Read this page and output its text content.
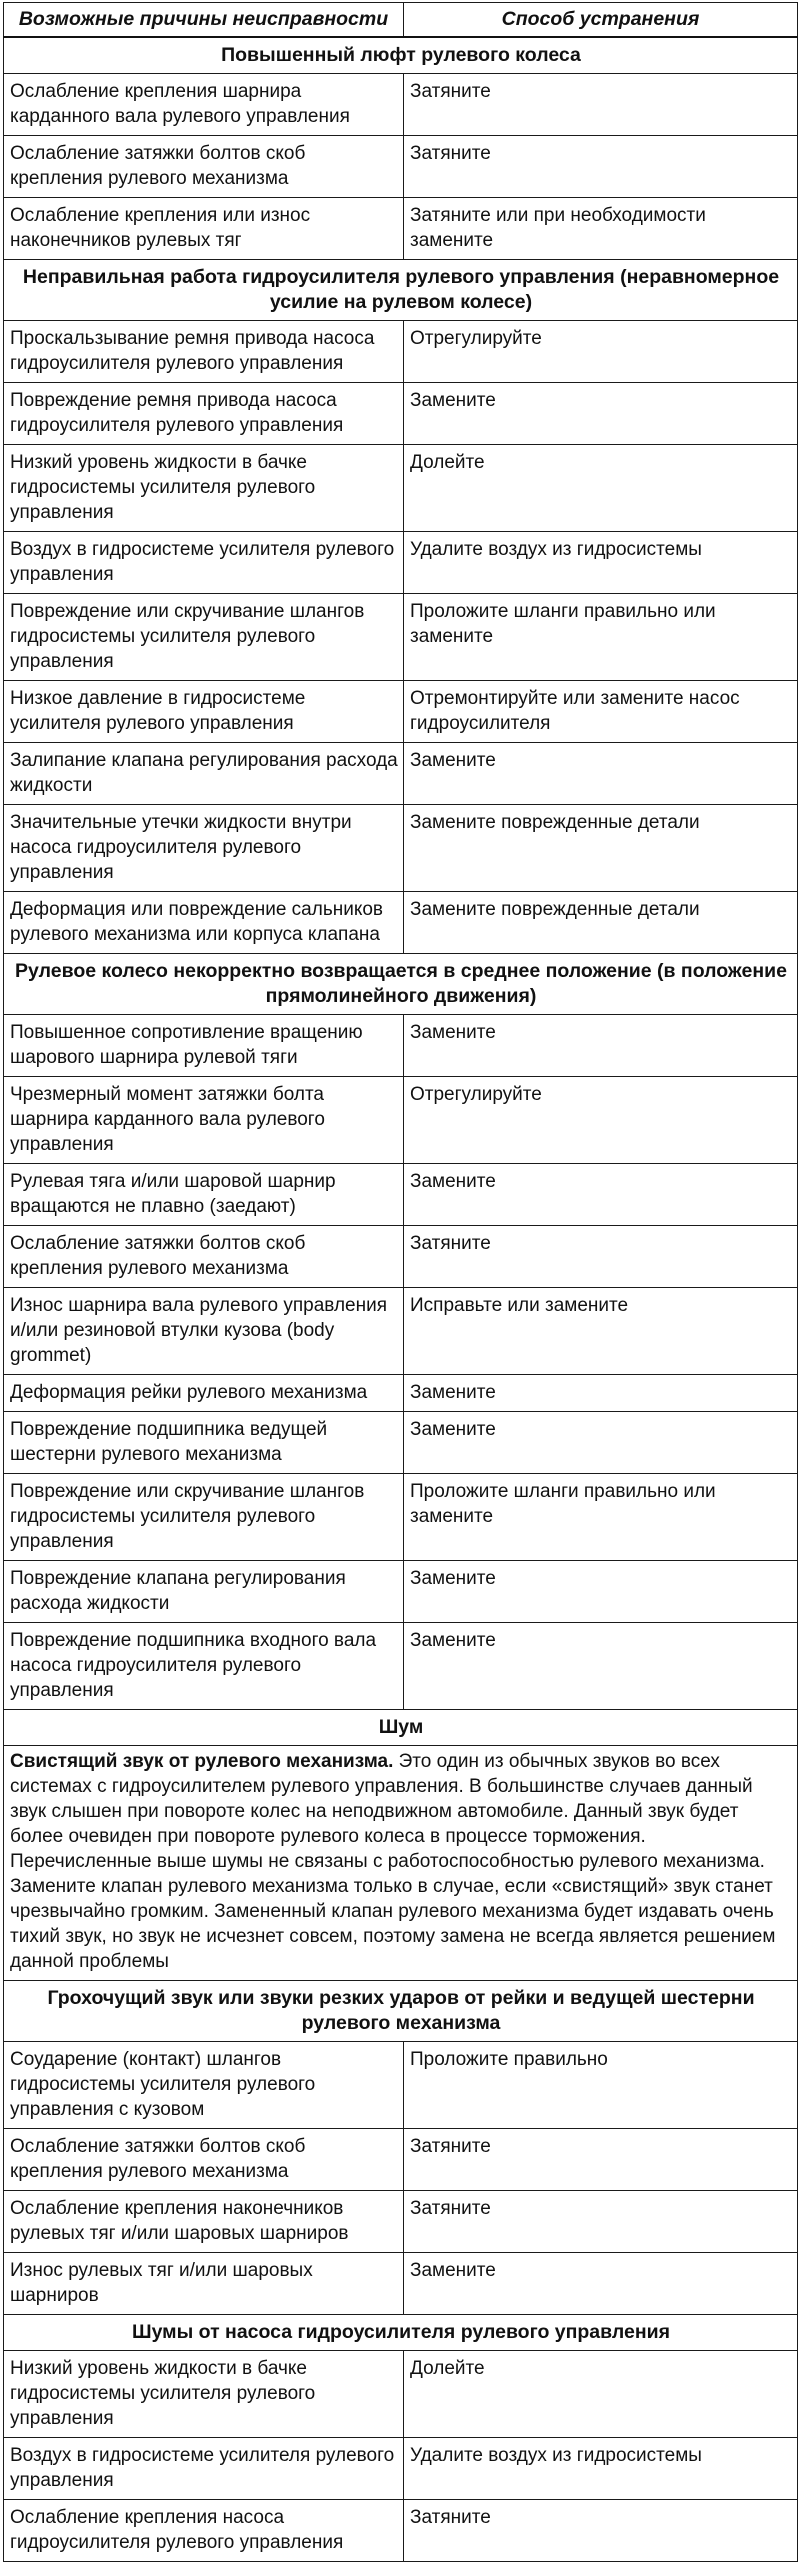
Возможные причины неисправности	Способ устранения
Повышенный люфт рулевого колеса	
Ослабление крепления шарнира карданного вала рулевого управления	Затяните
Ослабление затяжки болтов скоб крепления рулевого механизма	Затяните
Ослабление крепления или износ наконечников рулевых тяг	Затяните или при необходимости замените
Неправильная работа гидроусилителя рулевого управления (неравномерное усилие на рулевом колесе)	
Проскальзывание ремня привода насоса гидроусилителя рулевого управления	Отрегулируйте
Повреждение ремня привода насоса гидроусилителя рулевого управления	Замените
Низкий уровень жидкости в бачке гидросистемы усилителя рулевого управления	Долейте
Воздух в гидросистеме усилителя рулевого управления	Удалите воздух из гидросистемы
Повреждение или скручивание шлангов гидросистемы усилителя рулевого управления	Проложите шланги правильно или замените
Низкое давление в гидросистеме усилителя рулевого управления	Отремонтируйте или замените насос гидроусилителя
Залипание клапана регулирования расхода жидкости	Замените
Значительные утечки жидкости внутри насоса гидроусилителя рулевого управления	Замените поврежденные детали
Деформация или повреждение сальников рулевого механизма или корпуса клапана	Замените поврежденные детали
Рулевое колесо некорректно возвращается в среднее положение (в положение прямолинейного движения)	
Повышенное сопротивление вращению шарового шарнира рулевой тяги	Замените
Чрезмерный момент затяжки болта шарнира карданного вала рулевого управления	Отрегулируйте
Рулевая тяга и/или шаровой шарнир вращаются не плавно (заедают)	Замените
Ослабление затяжки болтов скоб крепления рулевого механизма	Затяните
Износ шарнира вала рулевого управления и/или резиновой втулки кузова (body grommet)	Исправьте или замените
Деформация рейки рулевого механизма	Замените
Повреждение подшипника ведущей шестерни рулевого механизма	Замените
Повреждение или скручивание шлангов гидросистемы усилителя рулевого управления	Проложите шланги правильно или замените
Повреждение клапана регулирования расхода жидкости	Замените
Повреждение подшипника входного вала насоса гидроусилителя рулевого управления	Замените
Шум	
Свистящий звук от рулевого механизма. Это один из обычных звуков во всех системах с гидроусилителем рулевого управления. В большинстве случаев данный звук слышен при повороте колес на неподвижном автомобиле. Данный звук будет более очевиден при повороте рулевого колеса в процессе торможения. Перечисленные выше шумы не связаны с работоспособностью рулевого механизма. Замените клапан рулевого механизма только в случае, если «свистящий» звук станет чрезвычайно громким. Замененный клапан рулевого механизма будет издавать очень тихий звук, но звук не исчезнет совсем, поэтому замена не всегда является решением данной проблемы	
Грохочущий звук или звуки резких ударов от рейки и ведущей шестерни рулевого механизма	
Соударение (контакт) шлангов гидросистемы усилителя рулевого управления с кузовом	Проложите правильно
Ослабление затяжки болтов скоб крепления рулевого механизма	Затяните
Ослабление крепления наконечников рулевых тяг и/или шаровых шарниров	Затяните
Износ рулевых тяг и/или шаровых шарниров	Замените
Шумы от насоса гидроусилителя рулевого управления	
Низкий уровень жидкости в бачке гидросистемы усилителя рулевого управления	Долейте
Воздух в гидросистеме усилителя рулевого управления	Удалите воздух из гидросистемы
Ослабление крепления насоса гидроусилителя рулевого управления	Затяните
